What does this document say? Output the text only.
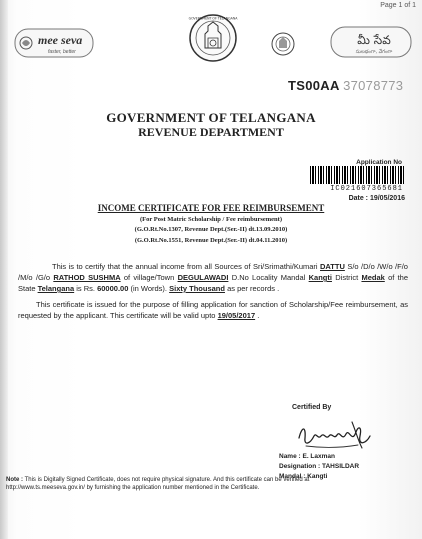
Page 1 of 1
mee seva
faster, better
GOVERNMENT OF TELANGANA
మీ సేవ
సులభంగా, వేగంగా
TS00AA 37078773
GOVERNMENT OF TELANGANA
REVENUE DEPARTMENT
Application No
IC021607365681
Date : 19/05/2016
INCOME CERTIFICATE FOR FEE REIMBURSEMENT
(For Post Matric Scholarship / Fee reimbursement)
(G.O.Rt.No.1307, Revenue Dept.(Ser.-II) dt.13.09.2010)
(G.O.Rt.No.1551, Revenue Dept.(Ser.-II) dt.04.11.2010)
This is to certify that the annual income from all Sources of Sri/Srimathi/Kumari DATTU S/o /D/o /W/o /F/o /M/o /G/o RATHOD SUSHMA of village/Town DEGULAWADI D.No Locality Mandal Kangti District Medak of the State Telangana is Rs. 60000.00 (in Words). Sixty Thousand as per records .
This certificate is issued for the purpose of filling application for sanction of Scholarship/Fee reimbursement, as requested by the applicant. This certificate will be valid upto 19/05/2017 .
Certified By
Name : E. Laxman
Designation : TAHSILDAR
Mandal : Kangti
Note : This is Digitally Signed Certificate, does not require physical signature. And this certificate can be verified at http://www.ts.meeseva.gov.in/ by furnishing the application number mentioned in the Certificate.
